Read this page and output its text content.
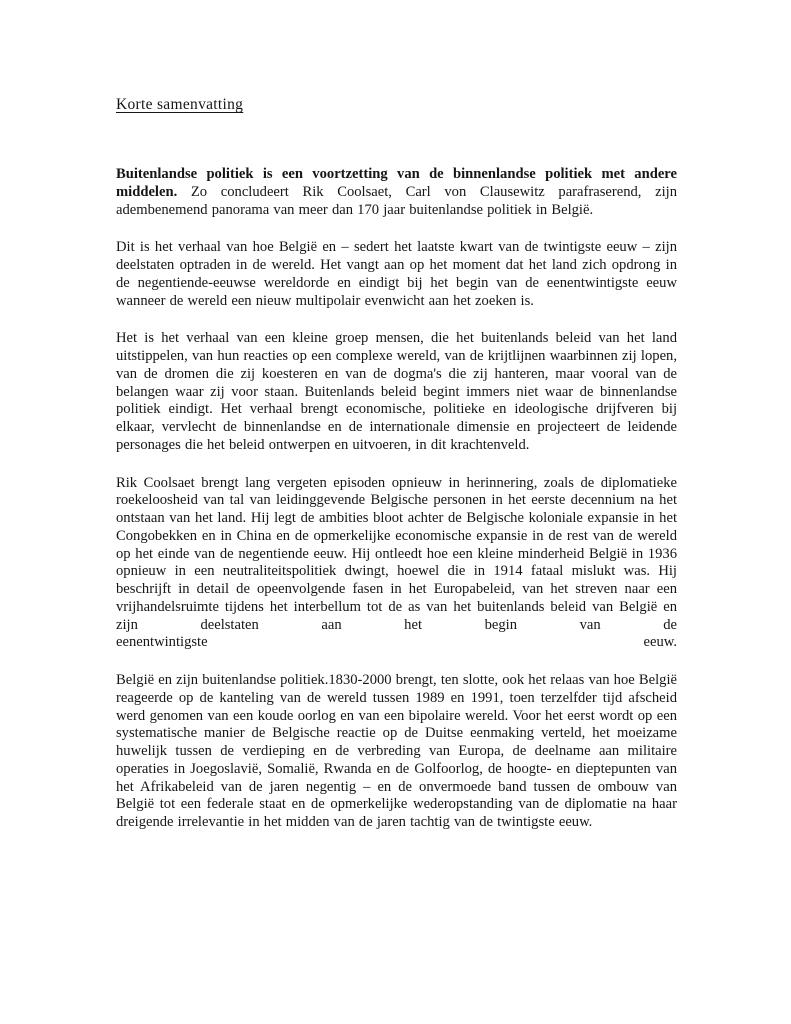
Korte samenvatting

Buitenlandse politiek is een voortzetting van de binnenlandse politiek met andere middelen. Zo concludeert Rik Coolsaet, Carl von Clausewitz parafraserend, zijn adembenemend panorama van meer dan 170 jaar buitenlandse politiek in België.

Dit is het verhaal van hoe België en – sedert het laatste kwart van de twintigste eeuw – zijn deelstaten optraden in de wereld. Het vangt aan op het moment dat het land zich opdrong in de negentiende-eeuwse wereldorde en eindigt bij het begin van de eenentwintigste eeuw wanneer de wereld een nieuw multipolair evenwicht aan het zoeken is.

Het is het verhaal van een kleine groep mensen, die het buitenlands beleid van het land uitstippelen, van hun reacties op een complexe wereld, van de krijtlijnen waarbinnen zij lopen, van de dromen die zij koesteren en van de dogma's die zij hanteren, maar vooral van de belangen waar zij voor staan. Buitenlands beleid begint immers niet waar de binnenlandse politiek eindigt. Het verhaal brengt economische, politieke en ideologische drijfveren bij elkaar, vervlecht de binnenlandse en de internationale dimensie en projecteert de leidende personages die het beleid ontwerpen en uitvoeren, in dit krachtenveld.

Rik Coolsaet brengt lang vergeten episoden opnieuw in herinnering, zoals de diplomatieke roekeloosheid van tal van leidinggevende Belgische personen in het eerste decennium na het ontstaan van het land. Hij legt de ambities bloot achter de Belgische koloniale expansie in het Congobekken en in China en de opmerkelijke economische expansie in de rest van de wereld op het einde van de negentiende eeuw. Hij ontleedt hoe een kleine minderheid België in 1936 opnieuw in een neutraliteitspolitiek dwingt, hoewel die in 1914 fataal mislukt was. Hij beschrijft in detail de opeenvolgende fasen in het Europabeleid, van het streven naar een vrijhandelsruimte tijdens het interbellum tot de as van het buitenlands beleid van België en zijn deelstaten aan het begin van de

eenentwintigste	eeuw.

België en zijn buitenlandse politiek.1830-2000 brengt, ten slotte, ook het relaas van hoe België reageerde op de kanteling van de wereld tussen 1989 en 1991, toen terzelfder tijd afscheid werd genomen van een koude oorlog en van een bipolaire wereld. Voor het eerst wordt op een systematische manier de Belgische reactie op de Duitse eenmaking verteld, het moeizame huwelijk tussen de verdieping en de verbreding van Europa, de deelname aan militaire operaties in Joegoslavië, Somalië, Rwanda en de Golfoorlog, de hoogte- en dieptepunten van het Afrikabeleid van de jaren negentig – en de onvermoede band tussen de ombouw van België tot een federale staat en de opmerkelijke wederopstanding van de diplomatie na haar dreigende irrelevantie in het midden van de jaren tachtig van de twintigste eeuw.
